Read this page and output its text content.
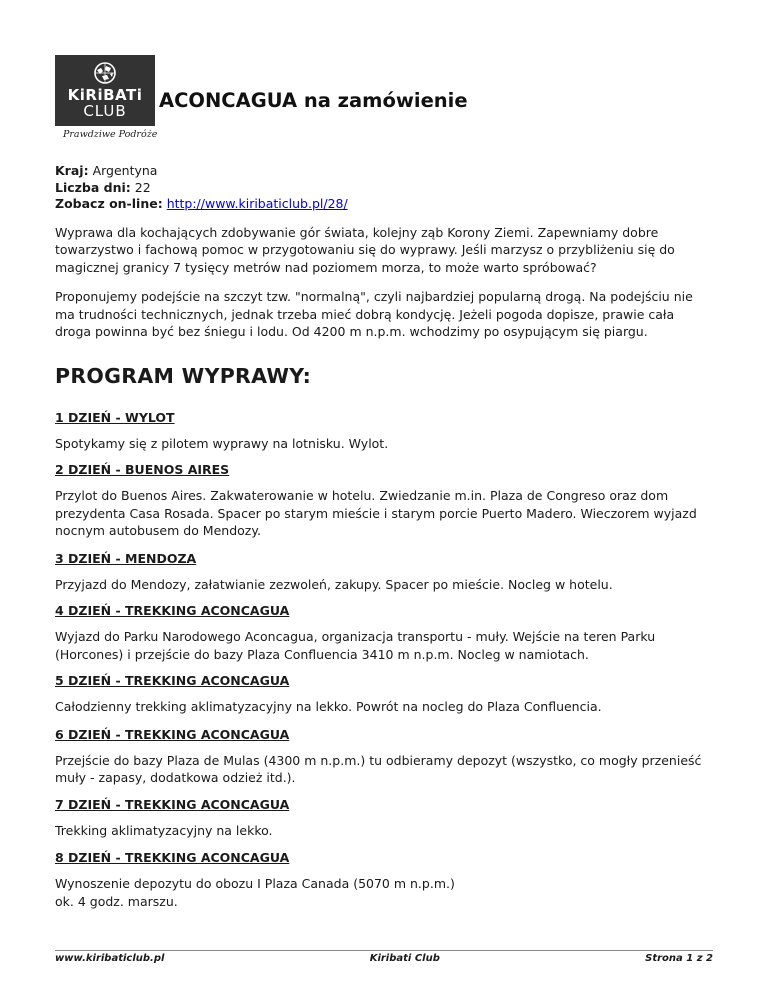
KiRiBATi
CLUB
Prawdziwe Podróże
ACONCAGUA na zamówienie
Kraj: Argentyna
Liczba dni: 22
Zobacz on-line: http://www.kiribaticlub.pl/28/

Wyprawa dla kochających zdobywanie gór świata, kolejny ząb Korony Ziemi. Zapewniamy dobre towarzystwo i fachową pomoc w przygotowaniu się do wyprawy. Jeśli marzysz o przybliżeniu się do magicznej granicy 7 tysięcy metrów nad poziomem morza, to może warto spróbować?

Proponujemy podejście na szczyt tzw. "normalną", czyli najbardziej popularną drogą. Na podejściu nie ma trudności technicznych, jednak trzeba mieć dobrą kondycję. Jeżeli pogoda dopisze, prawie cała droga powinna być bez śniegu i lodu. Od 4200 m n.p.m. wchodzimy po osypującym się piargu.

PROGRAM WYPRAWY:
1 DZIEŃ - WYLOT

Spotykamy się z pilotem wyprawy na lotnisku. Wylot.

2 DZIEŃ - BUENOS AIRES

Przylot do Buenos Aires. Zakwaterowanie w hotelu. Zwiedzanie m.in. Plaza de Congreso oraz dom prezydenta Casa Rosada. Spacer po starym mieście i starym porcie Puerto Madero. Wieczorem wyjazd nocnym autobusem do Mendozy.

3 DZIEŃ - MENDOZA

Przyjazd do Mendozy, załatwianie zezwoleń, zakupy. Spacer po mieście. Nocleg w hotelu.

4 DZIEŃ - TREKKING ACONCAGUA

Wyjazd do Parku Narodowego Aconcagua, organizacja transportu - muły. Wejście na teren Parku (Horcones) i przejście do bazy Plaza Confluencia 3410 m n.p.m. Nocleg w namiotach.

5 DZIEŃ - TREKKING ACONCAGUA

Całodzienny trekking aklimatyzacyjny na lekko. Powrót na nocleg do Plaza Confluencia.

6 DZIEŃ - TREKKING ACONCAGUA

Przejście do bazy Plaza de Mulas (4300 m n.p.m.) tu odbieramy depozyt (wszystko, co mogły przenieść muły - zapasy, dodatkowa odzież itd.).

7 DZIEŃ - TREKKING ACONCAGUA

Trekking aklimatyzacyjny na lekko.

8 DZIEŃ - TREKKING ACONCAGUA

Wynoszenie depozytu do obozu I Plaza Canada (5070 m n.p.m.)
ok. 4 godz. marszu.

www.kiribaticlub.pl	Kiribati Club	Strona 1 z 2
